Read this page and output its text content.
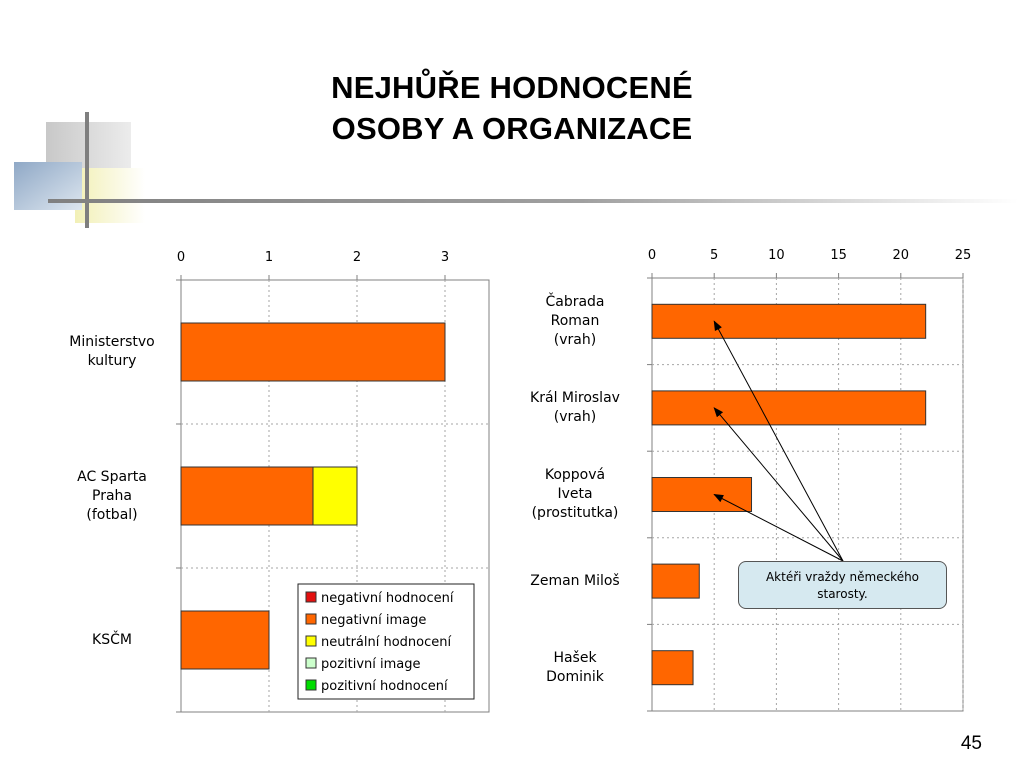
NEJHŮŘE HODNOCENÉ
OSOBY A ORGANIZACE
0	1	2	3
negativní hodnocení
negativní image
neutrální hodnocení
pozitivní image
pozitivní hodnocení
0	5	10	15	20	25
Ministerstvo
kultury
AC Sparta
Praha
(fotbal)
KSČM
Čabrada
Roman
(vrah)
Král Miroslav
(vrah)
Koppová
Iveta
(prostitutka)
Zeman Miloš
Hašek
Dominik
Aktéři vraždy německého starosty.
45
